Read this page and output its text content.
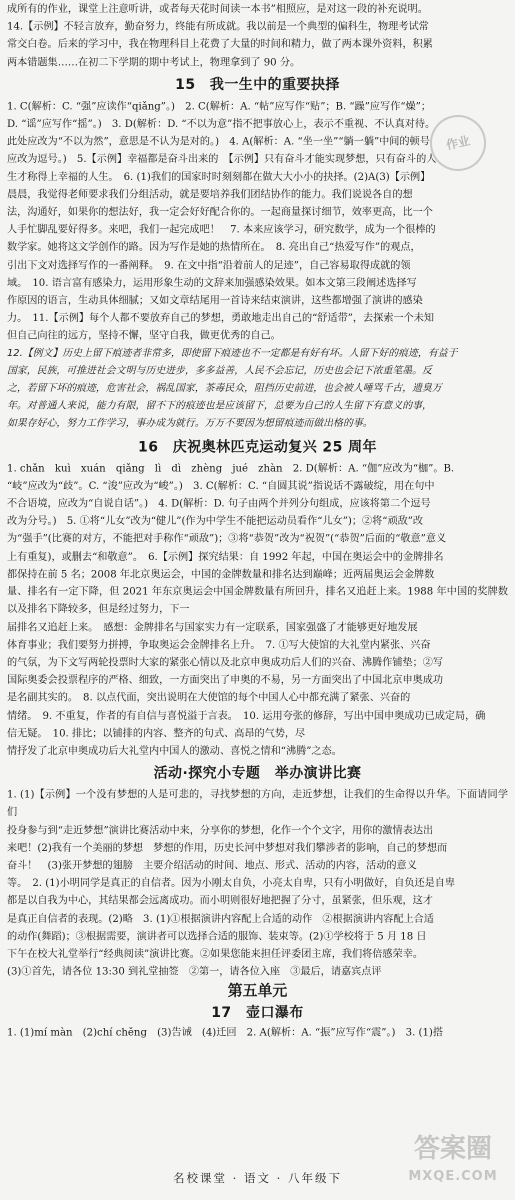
成所有的作业，课堂上注意听讲，或者每天花时间读一本书”相照应，是对这一段的补充说明。
14.【示例】不轻言放弃，勤奋努力，终能有所成就。我以前是一个典型的偏科生，物理考试常
常交白卷。后来的学习中，我在物理科目上花费了大量的时间和精力，做了两本课外资料，积累
两本错题集……在初二下学期的期中考试上，物理拿到了 90 分。
15　我一生中的重要抉择
1. C(解析：C. “强”应读作“qiǎng”。)　2. C(解析：A. “帖”应写作“贴”；B. “躁”应写作“燥”；
D. “谣”应写作“摇”。)　3. D(解析：D. “不以为意”指不把事放心上，表示不重视、不认真对待。
此处应改为“不以为然”，意思是不认为是对的。)　4. A(解析：A. “坐一坐”“躺一躺”中间的顿号
应改为逗号。)　5.【示例】幸福都是奋斗出来的　【示例】只有奋斗才能实现梦想，只有奋斗的人
生才称得上幸福的人生。　6. (1)我们的国家时时刻刻都在做大大小小的抉择。(2)A(3)【示例】
晨晨，我觉得老师要求我们分组活动，就是要培养我们团结协作的能力。我们说说各自的想
法，沟通好，如果你的想法好，我一定会好好配合你的。一起商量探讨细节，效率更高，比一个
人手忙脚乱要好得多。来吧，我们一起完成吧！　7. 本来应该学习，研究数学，成为一个很棒的
数学家。她将这文学创作的路。因为写作是她的热情所在。　8. 亮出自己“热爱写作”的观点，
引出下文对选择写作的一番阐释。　9. 在文中指“沿着前人的足迹”，自己容易取得成就的领
域。　10. 语言富有感染力，运用形象生动的文辞来加强感染效果。如本文第三段阐述选择写
作原因的语言，生动具体细腻；又如文章结尾用一首诗来结束演讲，这些都增强了演讲的感染
力。　11.【示例】每个人都不要放弃自己的梦想，勇敢地走出自己的“舒适带”，去探索一个未知
但自己向往的远方，坚持不懈，坚守自我，做更优秀的自己。
12.【例文】历史上留下痕迹者非常多，即使留下痕迹也不一定都是有好有坏。人留下好的痕迹，有益于
国家，民族，可推进社会文明与历史进步，多多益善，人民不会忘记，历史也会记下浓重笔墨。反
之，若留下坏的痕迹，危害社会，祸乱国家，茶毒民众，阻挡历史前进，也会被人唾骂千古，遗臭万
年。对普通人来说，能力有限，留不下的痕迹也是应该留下，总要为自己的人生留下有意义的事，
如果存好心，努力工作学习，事办成为就行。万万不要因为想留痕迹而做出格的事。
16　庆祝奥林匹克运动复兴 25 周年
1. chǎn　kuì　xuán　qiǎng　lì　dì　zhèng　jué　zhàn　2. D(解析：A. “伽”应改为“枷”。B.
“岐”应改为“歧”。C. “浚”应改为“峻”。)　3. C(解析：C. “自圆其说”指说话不露破绽，用在句中
不合语境，应改为“自说自话”。)　4. D(解析：D. 句子由两个并列分句组成，应该将第二个逗号
改为分号。)　5. ①将“儿女”改为“健儿”(作为中学生不能把运动员看作“儿女”)；②将“顽敌”改
为“强手”(比赛的对方，不能把对手称作“顽敌”)；③将“恭贺”改为“祝贺”(“恭贺”后面的“敬意”意义
上有重复)，或删去“和敬意”。　6.【示例】探究结果：自 1992 年起，中国在奥运会中的金牌排名
都保持在前 5 名；2008 年北京奥运会，中国的金牌数量和排名达到巅峰；近两届奥运会金牌数
量、排名有一定下降，但 2021 年东京奥运会中国金牌数量有所回升，排名又追赶上来。1988 年中国的奖牌数以及排名下降较多，但是经过努力，下一
届排名又追赶上来。　感想：金牌排名与国家实力有一定联系，国家强盛了才能够更好地发展
体育事业；我们要努力拼搏，争取奥运会金牌排名上升。　7. ①写大使馆的大礼堂内紧张、兴奋
的气氛，为下文写两轮投票时大家的紧张心情以及北京申奥成功后人们的兴奋、沸腾作铺垫；②写
国际奥委会投票程序的严格、细致，一方面突出了申奥的不易，另一方面突出了中国北京申奥成功
是名副其实的。　8. 以点代面，突出说明在大使馆的每个中国人心中都充满了紧张、兴奋的
情绪。　9. 不重复，作者的有自信与喜悦溢于言表。　10. 运用夸张的修辞，写出中国申奥成功已成定局，确
信无疑。　10. 排比；以铺排的内容、整齐的句式、高昂的气势，尽
情抒发了北京申奥成功后大礼堂内中国人的激动、喜悦之情和“沸腾”之态。
活动·探究小专题　举办演讲比赛
1. (1)【示例】一个没有梦想的人是可悲的，寻找梦想的方向，走近梦想，让我们的生命得以升华。下面请同学们
投身参与到“走近梦想”演讲比赛活动中来，分享你的梦想，化作一个个文字，用你的激情表达出
来吧！(2)我有一个美丽的梦想　梦想的作用，历史长河中梦想对我们攀涉者的影响，自己的梦想而
奋斗！　(3)张开梦想的翅膀　主要介绍活动的时间、地点、形式、活动的内容，活动的意义
等。　2. (1)小明同学是真正的自信者。因为小刚太自负，小亮太自卑，只有小明做好，自负还是自卑
都是以自我为中心，其结果都会远离成功。而小明则很好地把握了分寸，虽紧张，但乐观，这才
是真正自信者的表现。(2)略　3. (1)①根据演讲内容配上合适的动作　②根据演讲内容配上合适
的动作(舞蹈)；③根据需要，演讲者可以选择合适的服饰、装束等。(2)①学校将于 5 月 18 日
下午在校大礼堂举行“经典阅读”演讲比赛。②如果您能来担任评委团主席，我们将倍感荣幸。
(3)①首先，请各位 13:30 到礼堂抽签　②第一，请各位入座　③最后，请嘉宾点评
第五单元
17　壶口瀑布
1. (1)mí màn　(2)chí chěng　(3)告诫　(4)迁回　2. A(解析：A. “振”应写作“震”。)　3. (1)搭
作业
名校课堂 · 语文 · 八年级下
答案圈
MXQE.COM
